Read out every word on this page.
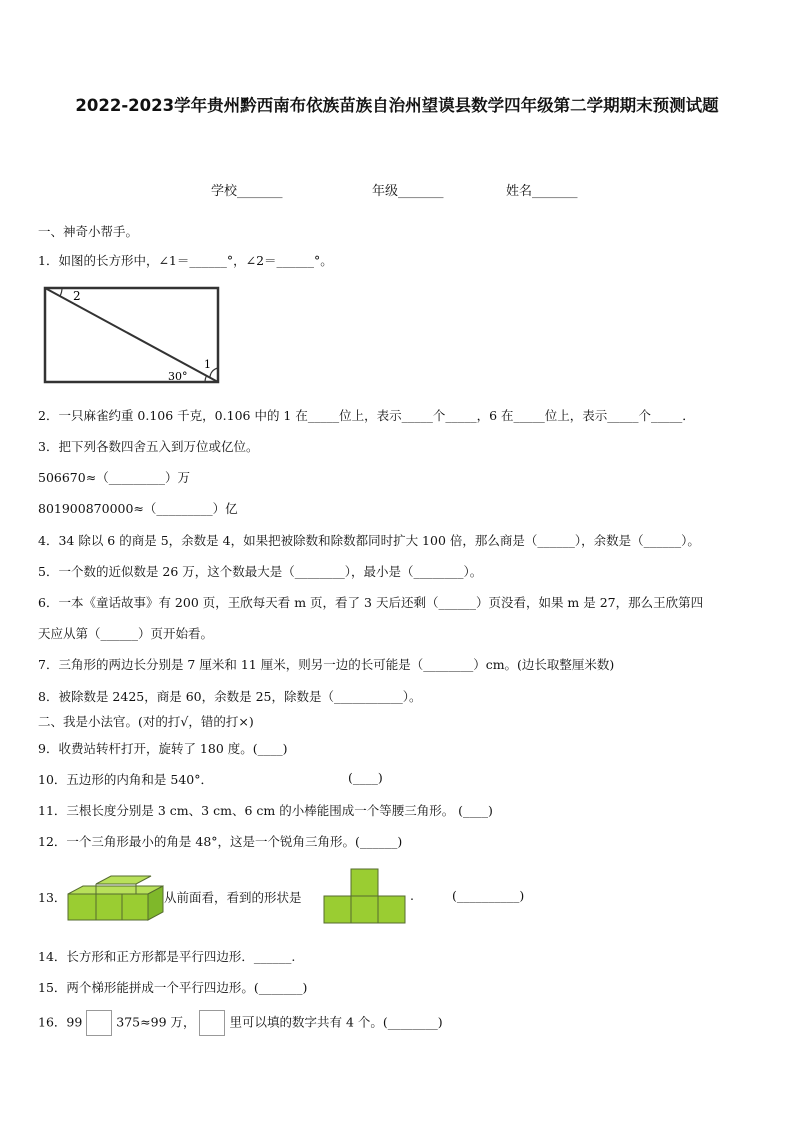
2022-2023学年贵州黔西南布依族苗族自治州望谟县数学四年级第二学期期末预测试题
学校_______	年级_______	姓名_______
一、神奇小帮手。
1．如图的长方形中，∠1＝______°，∠2＝______°。
2
1
30°
2．一只麻雀约重 0.106 千克，0.106 中的 1 在_____位上，表示_____个_____，6 在_____位上，表示_____个_____．
3．把下列各数四舍五入到万位或亿位。
506670≈（_________）万
801900870000≈（_________）亿
4．34 除以 6 的商是 5，余数是 4，如果把被除数和除数都同时扩大 100 倍，那么商是（______），余数是（______）。
5．一个数的近似数是 26 万，这个数最大是（________），最小是（________）。
6．一本《童话故事》有 200 页，王欣每天看 m 页，看了 3 天后还剩（______）页没看，如果 m 是 27，那么王欣第四
天应从第（______）页开始看。
7．三角形的两边长分别是 7 厘米和 11 厘米，则另一边的长可能是（________）cm。(边长取整厘米数)
8．被除数是 2425，商是 60，余数是 25，除数是（___________）。
二、我是小法官。(对的打√，错的打×)
9．收费站转杆打开，旋转了 180 度。(____)
10．五边形的内角和是 540°．	(____)
11．三根长度分别是 3 cm、3 cm、6 cm 的小棒能围成一个等腰三角形。 (____)
12．一个三角形最小的角是 48°，这是一个锐角三角形。(______)
13．	从前面看，看到的形状是	.	(__________)
14．长方形和正方形都是平行四边形．______.
15．两个梯形能拼成一个平行四边形。(_______)
16．99	375≈99 万，	里可以填的数字共有 4 个。(________)
